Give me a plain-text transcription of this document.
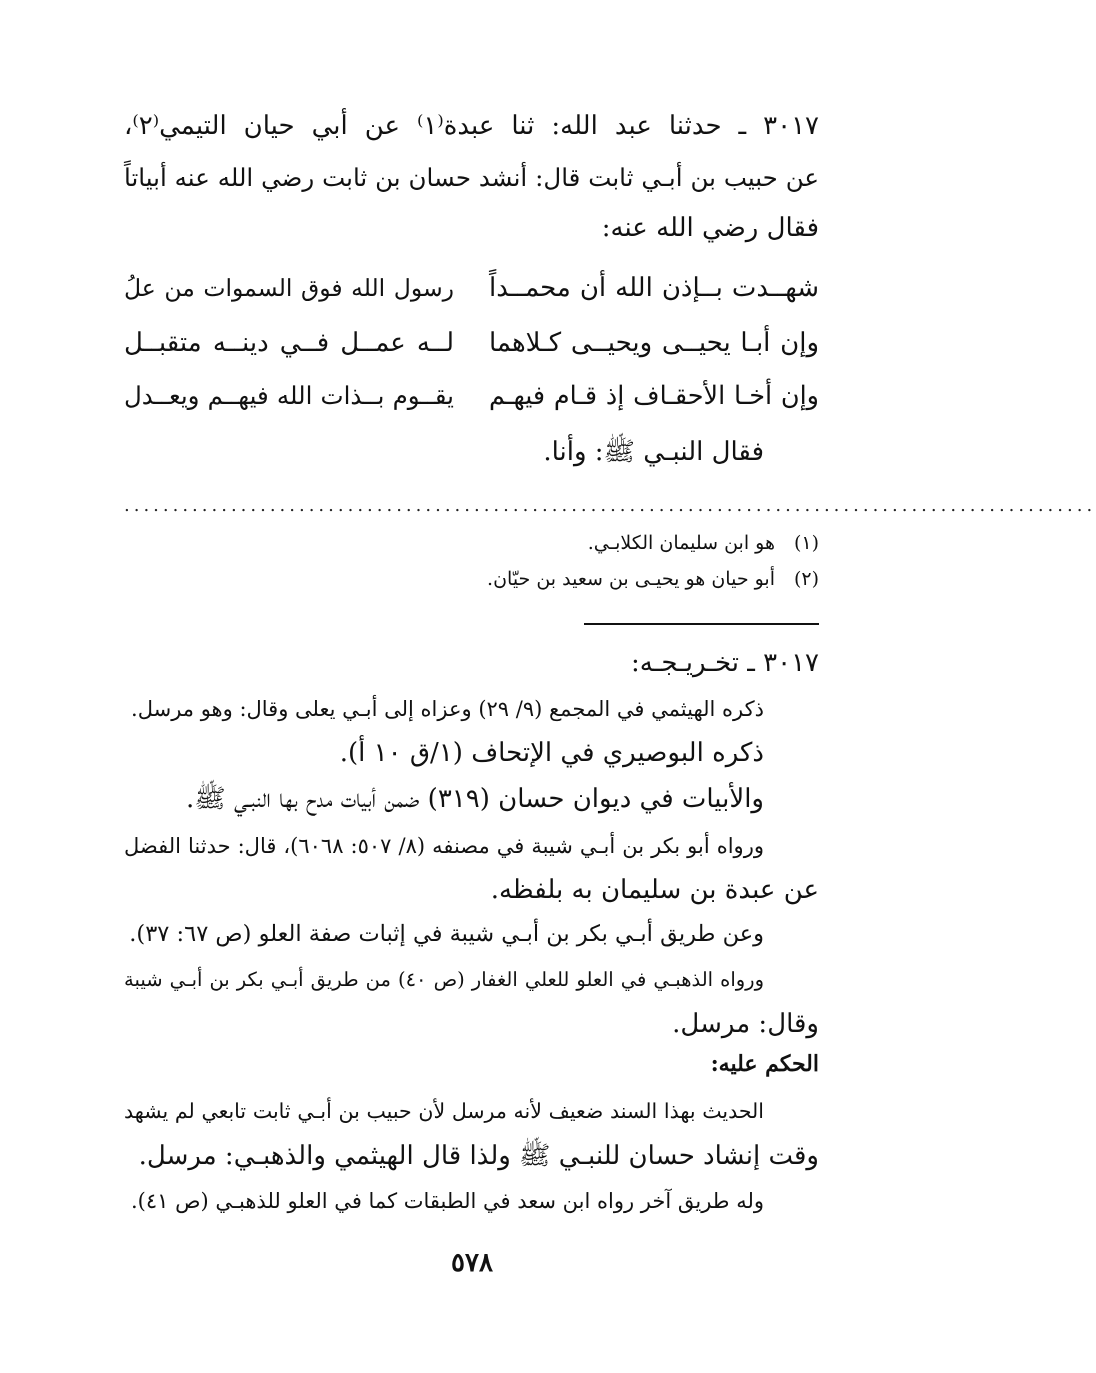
٣٠١٧ ـ حدثنا عبد الله: ثنا عبدة⁽١⁾ عن أبي حيان التيمي⁽٢⁾،
عن حبيب بن أبـي ثابت قال: أنشد حسان بن ثابت رضي الله عنه أبياتاً
فقال رضي الله عنه:
شهــدت بــإذن الله أن محمــداً
رسول الله فوق السموات من علُ
وإن أبـا يحيــى ويحيــى كـلاهما
لــه عمــل فــي دينــه متقبــل
وإن أخـا الأحقـاف إذ قـام فيهـم
يقــوم بــذات الله فيهــم ويعــدل
فقال النبـي ﷺ: وأنا.
....................................................................................................
(١)هو ابن سليمان الكلابـي.
(٢)أبو حيان هو يحيـى بن سعيد بن حيّان.
٣٠١٧ ـ تخـريـجـه:
ذكره الهيثمي في المجمع (٩/ ٢٩) وعزاه إلى أبـي يعلى وقال: وهو مرسل.
ذكره البوصيري في الإتحاف (١/ق ١٠ أ).
والأبيات في ديوان حسان (٣١٩) ضمن أبيات مدح بها النبـي ﷺ.
ورواه أبو بكر بن أبـي شيبة في مصنفه (٨/ ٥٠٧: ٦٠٦٨)، قال: حدثنا الفضل
عن عبدة بن سليمان به بلفظه.
وعن طريق أبـي بكر بن أبـي شيبة في إثبات صفة العلو (ص ٦٧: ٣٧).
ورواه الذهبـي في العلو للعلي الغفار (ص ٤٠) من طريق أبـي بكر بن أبـي شيبة
وقال: مرسل.
الحكم عليه:
الحديث بهذا السند ضعيف لأنه مرسل لأن حبيب بن أبـي ثابت تابعي لم يشهد
وقت إنشاد حسان للنبـي ﷺ ولذا قال الهيثمي والذهبـي: مرسل.
وله طريق آخر رواه ابن سعد في الطبقات كما في العلو للذهبـي (ص ٤١).
٥٧٨
